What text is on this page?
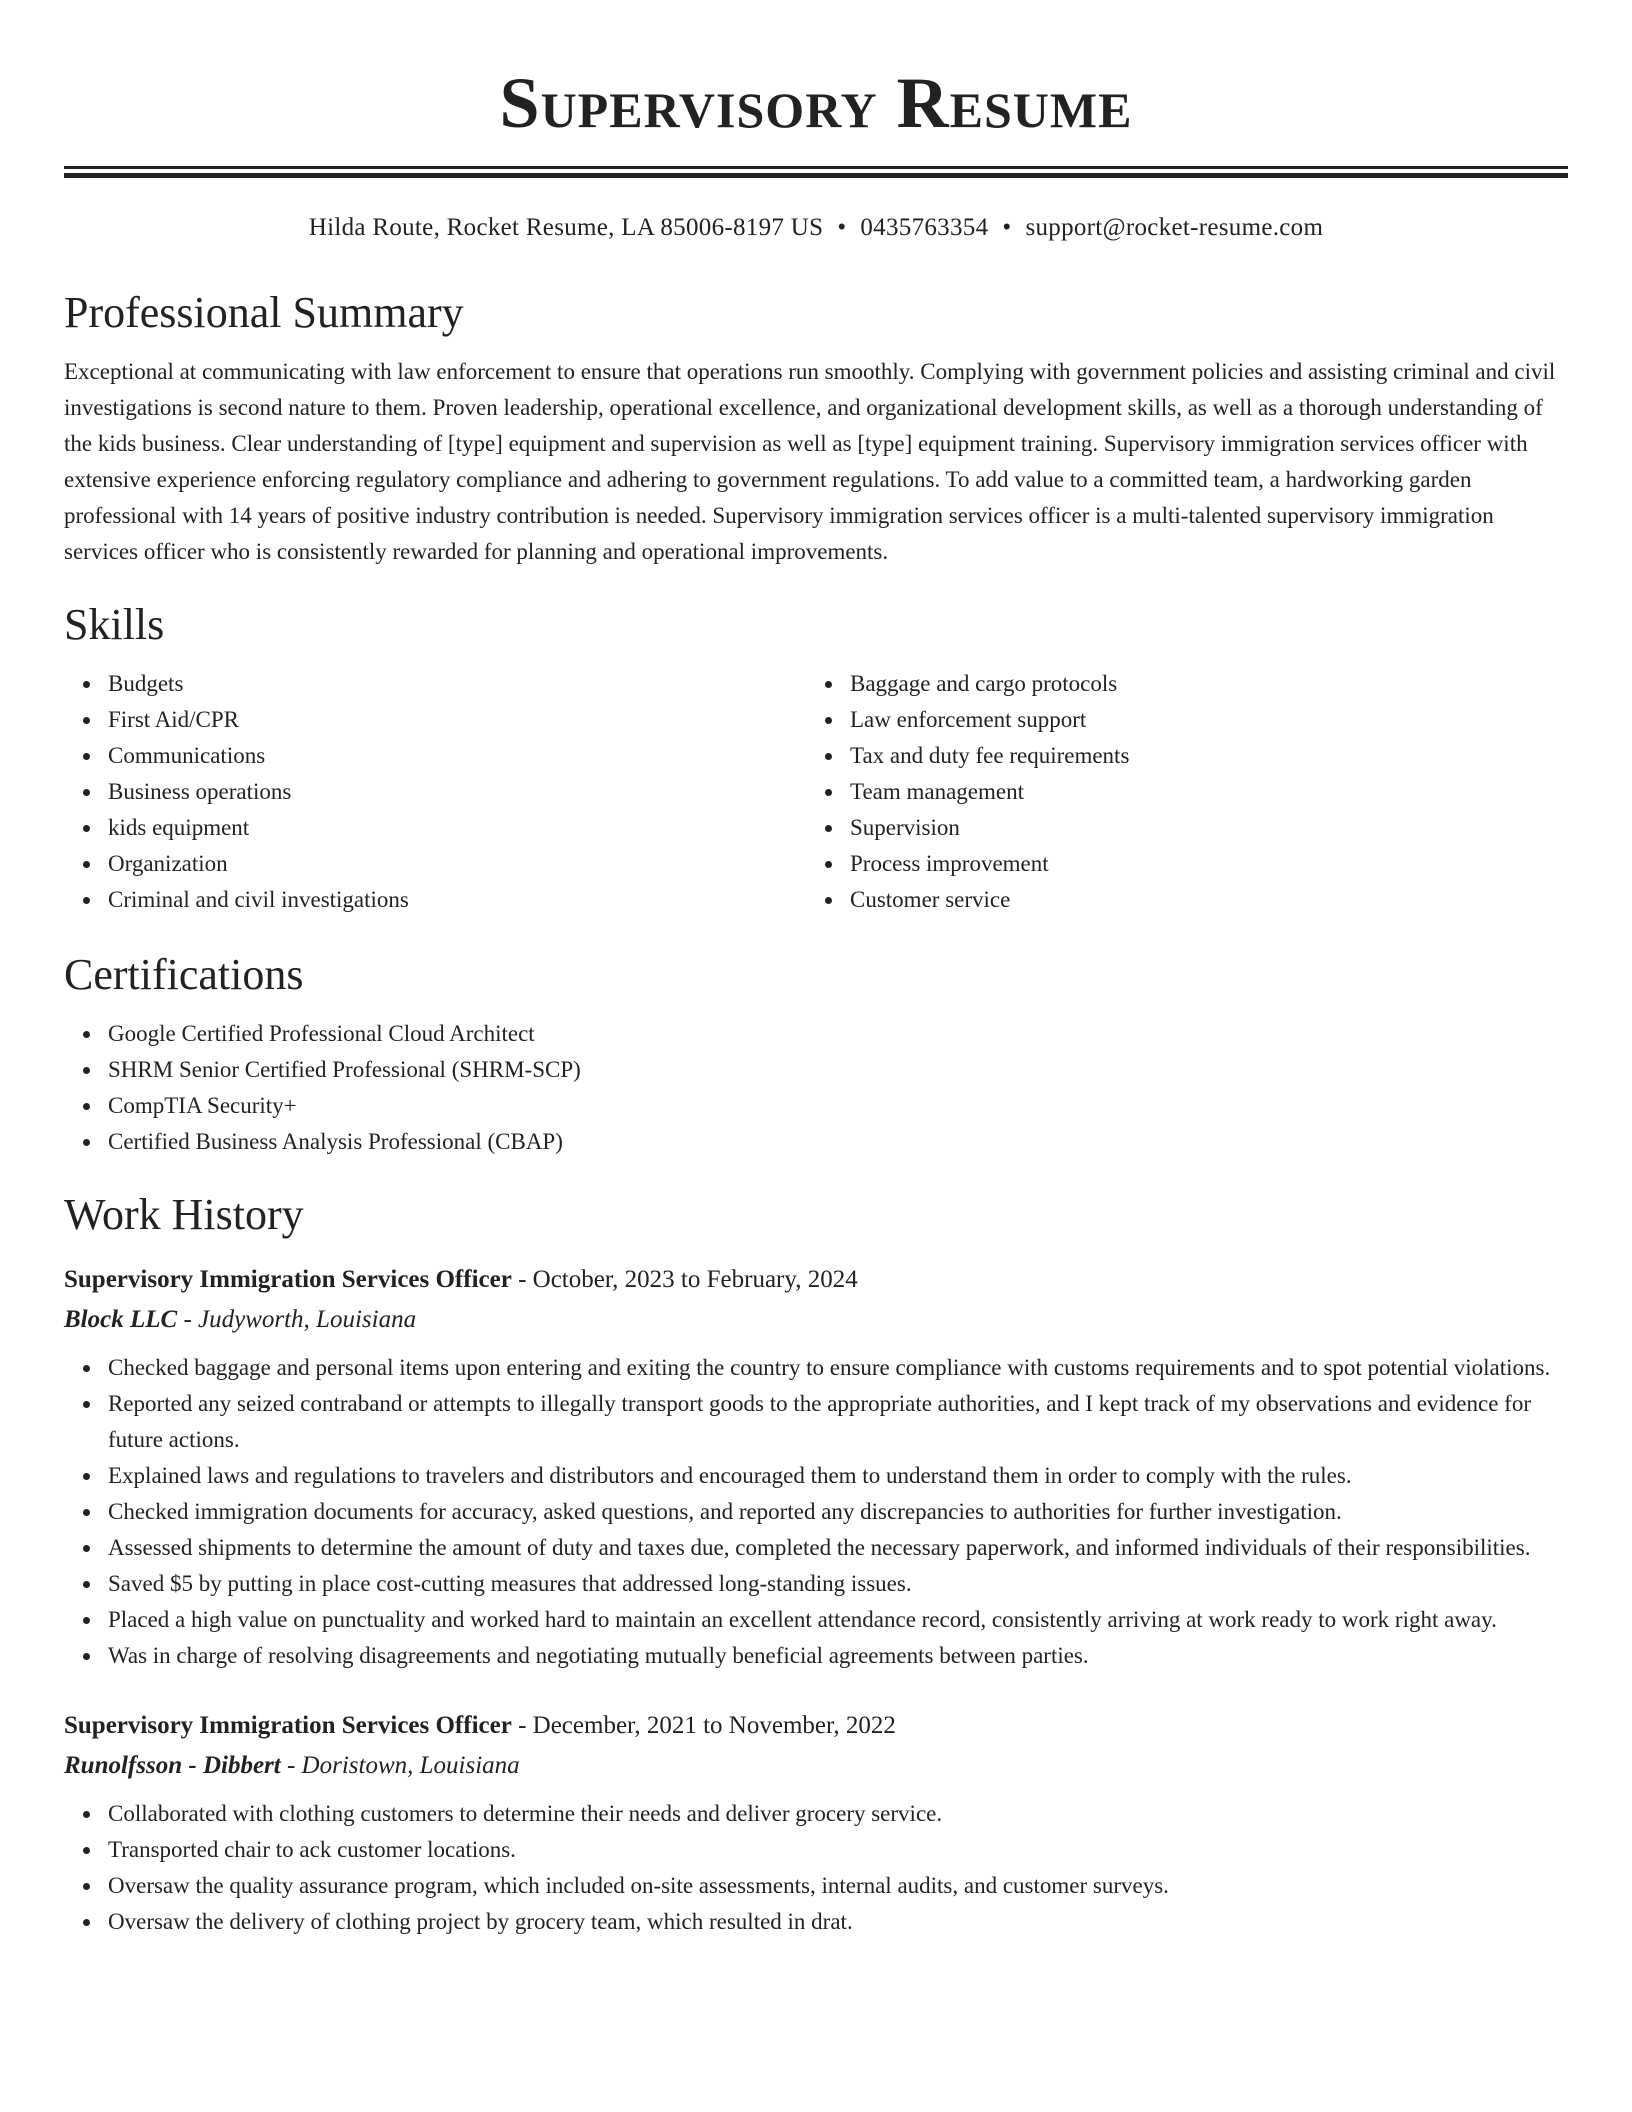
Supervisory Resume
Hilda Route, Rocket Resume, LA 85006-8197 US • 0435763354 • support@rocket-resume.com
Professional Summary

Exceptional at communicating with law enforcement to ensure that operations run smoothly. Complying with government policies and assisting criminal and civil investigations is second nature to them. Proven leadership, operational excellence, and organizational development skills, as well as a thorough understanding of the kids business. Clear understanding of [type] equipment and supervision as well as [type] equipment training. Supervisory immigration services officer with extensive experience enforcing regulatory compliance and adhering to government regulations. To add value to a committed team, a hardworking garden professional with 14 years of positive industry contribution is needed. Supervisory immigration services officer is a multi-talented supervisory immigration services officer who is consistently rewarded for planning and operational improvements.

Skills
Budgets
First Aid/CPR
Communications
Business operations
kids equipment
Organization
Criminal and civil investigations
Baggage and cargo protocols
Law enforcement support
Tax and duty fee requirements
Team management
Supervision
Process improvement
Customer service
Certifications
Google Certified Professional Cloud Architect
SHRM Senior Certified Professional (SHRM-SCP)
CompTIA Security+
Certified Business Analysis Professional (CBAP)
Work History
Supervisory Immigration Services Officer - October, 2023 to February, 2024
Block LLC - Judyworth, Louisiana
Checked baggage and personal items upon entering and exiting the country to ensure compliance with customs requirements and to spot potential violations.
Reported any seized contraband or attempts to illegally transport goods to the appropriate authorities, and I kept track of my observations and evidence for future actions.
Explained laws and regulations to travelers and distributors and encouraged them to understand them in order to comply with the rules.
Checked immigration documents for accuracy, asked questions, and reported any discrepancies to authorities for further investigation.
Assessed shipments to determine the amount of duty and taxes due, completed the necessary paperwork, and informed individuals of their responsibilities.
Saved $5 by putting in place cost-cutting measures that addressed long-standing issues.
Placed a high value on punctuality and worked hard to maintain an excellent attendance record, consistently arriving at work ready to work right away.
Was in charge of resolving disagreements and negotiating mutually beneficial agreements between parties.
Supervisory Immigration Services Officer - December, 2021 to November, 2022
Runolfsson - Dibbert - Doristown, Louisiana
Collaborated with clothing customers to determine their needs and deliver grocery service.
Transported chair to ack customer locations.
Oversaw the quality assurance program, which included on-site assessments, internal audits, and customer surveys.
Oversaw the delivery of clothing project by grocery team, which resulted in drat.
